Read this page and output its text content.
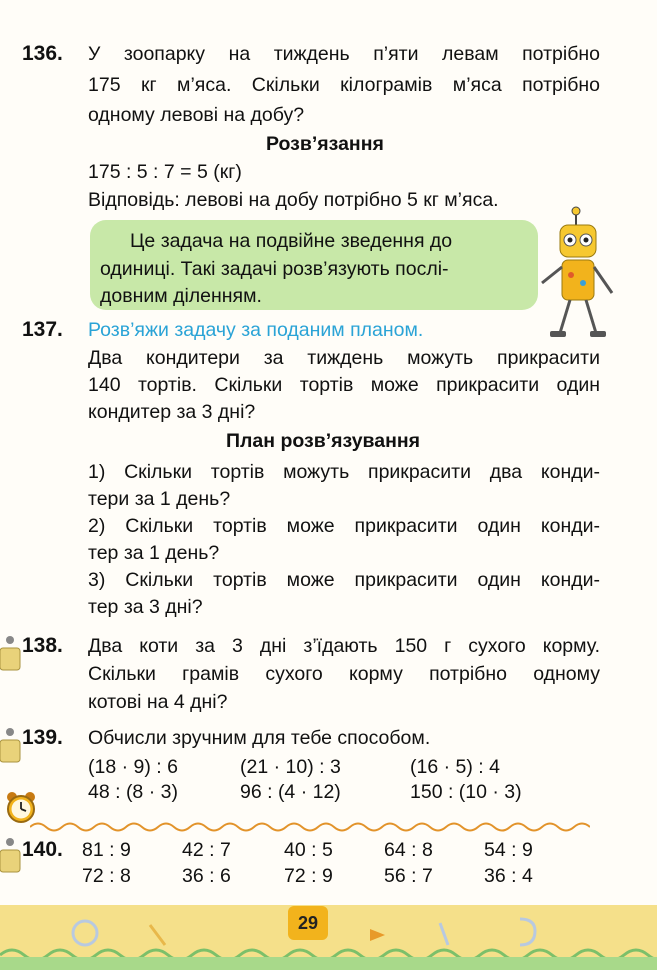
136. У зоопарку на тиждень п’яти левам потрібно
175 кг м’яса. Скільки кілограмів м’яса потрібно
одному левові на добу?
Розв’язання
175 : 5 : 7 = 5 (кг)
Відповідь: левові на добу потрібно 5 кг м’яса.
Це задача на подвійне зведення до
одиниці. Такі задачі розв’язують послі-
довним діленням.
137. Розв’яжи задачу за поданим планом.
Два кондитери за тиждень можуть прикрасити
140 тортів. Скільки тортів може прикрасити один
кондитер за 3 дні?
План розв’язування
1) Скільки тортів можуть прикрасити два конди-
тери за 1 день?
2) Скільки тортів може прикрасити один конди-
тер за 1 день?
3) Скільки тортів може прикрасити один конди-
тер за 3 дні?
138. Два коти за 3 дні з’їдають 150 г сухого корму.
Скільки грамів сухого корму потрібно одному
котові на 4 дні?
139. Обчисли зручним для тебе способом.
(18 · 9) : 6	(21 · 10) : 3	(16 · 5) : 4
48 : (8 · 3)	96 : (4 · 12)	150 : (10 · 3)
140. 81 : 9	42 : 7	40 : 5	64 : 8	54 : 9
72 : 8	36 : 6	72 : 9	56 : 7	36 : 4
29
